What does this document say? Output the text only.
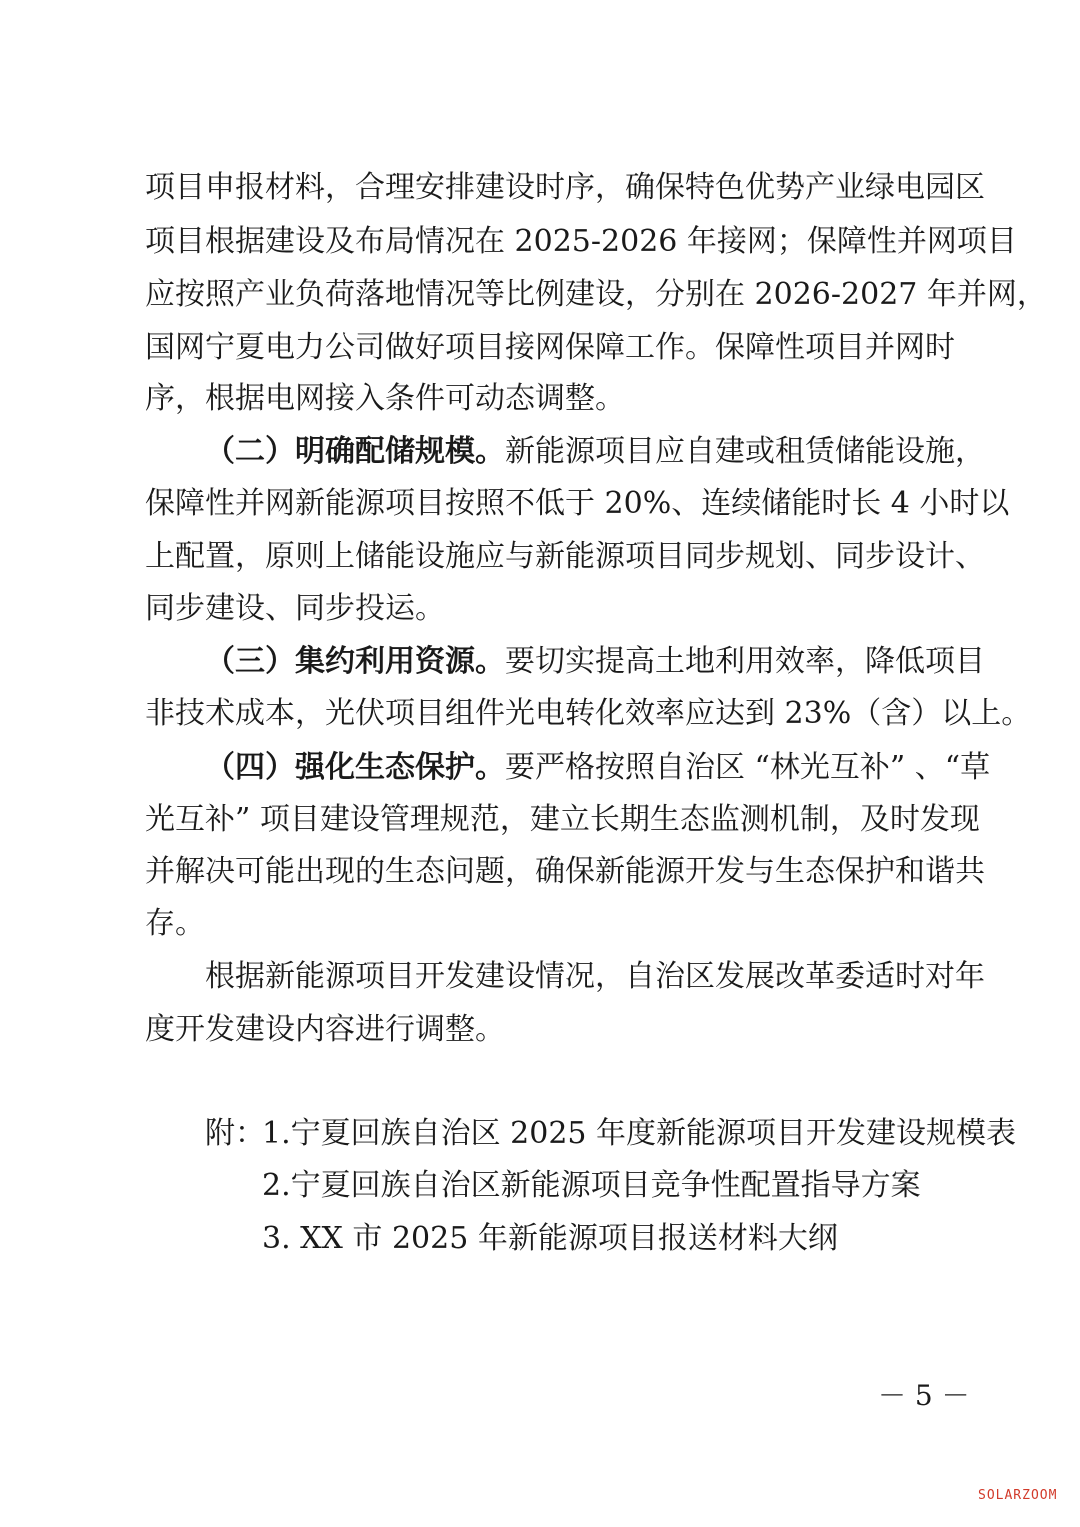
项目申报材料，合理安排建设时序，确保特色优势产业绿电园区
项目根据建设及布局情况在 2025-2026 年接网；保障性并网项目
应按照产业负荷落地情况等比例建设，分别在 2026-2027 年并网，
国网宁夏电力公司做好项目接网保障工作。保障性项目并网时
序，根据电网接入条件可动态调整。
（二）明确配储规模。新能源项目应自建或租赁储能设施，
保障性并网新能源项目按照不低于 20%、连续储能时长 4 小时以
上配置，原则上储能设施应与新能源项目同步规划、同步设计、
同步建设、同步投运。
（三）集约利用资源。要切实提高土地利用效率，降低项目
非技术成本，光伏项目组件光电转化效率应达到 23%（含）以上。
（四）强化生态保护。要严格按照自治区 “林光互补” 、“草
光互补” 项目建设管理规范，建立长期生态监测机制，及时发现
并解决可能出现的生态问题，确保新能源开发与生态保护和谐共
存。
根据新能源项目开发建设情况，自治区发展改革委适时对年
度开发建设内容进行调整。
附：
1.宁夏回族自治区 2025 年度新能源项目开发建设规模表
2.宁夏回族自治区新能源项目竞争性配置指导方案
3. XX 市 2025 年新能源项目报送材料大纲
－ 5 －
SOLARZOOM
